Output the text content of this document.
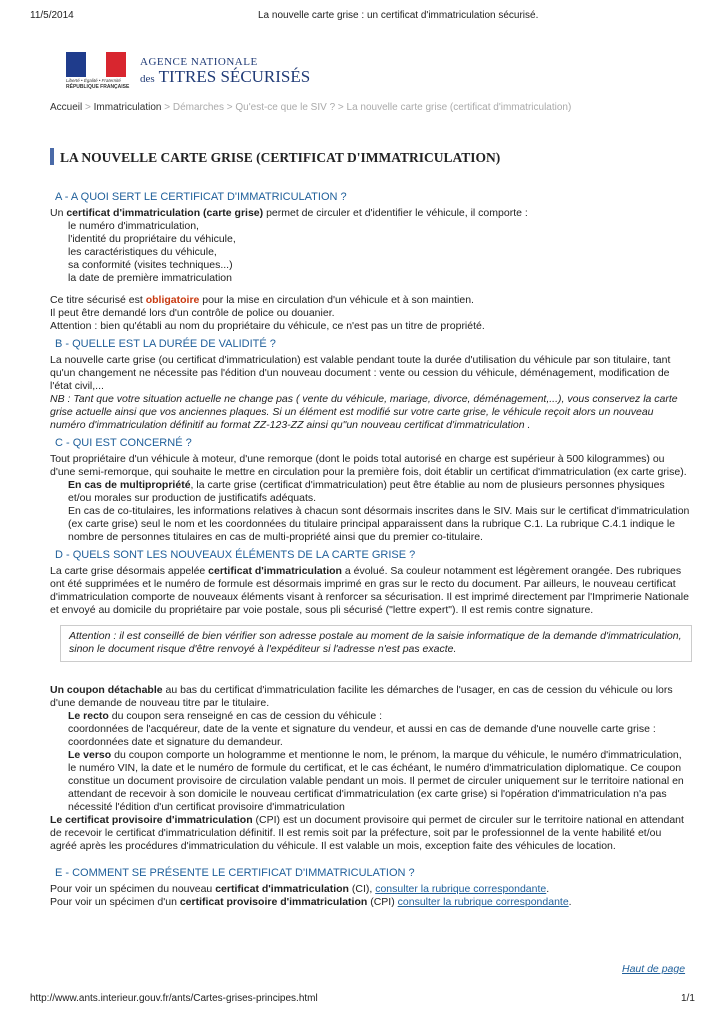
11/5/2014	La nouvelle carte grise : un certificat d'immatriculation sécurisé.
Liberté • Égalité • Fraternité
RÉPUBLIQUE FRANÇAISE
AGENCE NATIONALE
des TITRES SÉCURISÉS
Accueil > Immatriculation > Démarches > Qu'est-ce que le SIV ? > La nouvelle carte grise (certificat d'immatriculation)
LA NOUVELLE CARTE GRISE (CERTIFICAT D'IMMATRICULATION)
A - A QUOI SERT LE CERTIFICAT D'IMMATRICULATION ?

Un certificat d'immatriculation (carte grise) permet de circuler et d'identifier le véhicule, il comporte :

le numéro d'immatriculation,
l'identité du propriétaire du véhicule,
les caractéristiques du véhicule,
sa conformité (visites techniques...)
la date de première immatriculation

Ce titre sécurisé est obligatoire pour la mise en circulation d'un véhicule et à son maintien.

Il peut être demandé lors d'un contrôle de police ou douanier.

Attention : bien qu'établi au nom du propriétaire du véhicule, ce n'est pas un titre de propriété.

B - QUELLE EST LA DURÉE DE VALIDITÉ ?

La nouvelle carte grise (ou certificat d'immatriculation) est valable pendant toute la durée d'utilisation du véhicule par son titulaire, tant qu'un changement ne nécessite pas l'édition d'un nouveau document : vente ou cession du véhicule, déménagement, modification de l'état civil,...

NB : Tant que votre situation actuelle ne change pas ( vente du véhicule, mariage, divorce, déménagement,...), vous conservez la carte grise actuelle ainsi que vos anciennes plaques. Si un élément est modifié sur votre carte grise, le véhicule reçoit alors un nouveau numéro d'immatriculation définitif au format ZZ-123-ZZ ainsi qu"un nouveau certificat d'immatriculation .

C - QUI EST CONCERNÉ ?

Tout propriétaire d'un véhicule à moteur, d'une remorque (dont le poids total autorisé en charge est supérieur à 500 kilogrammes) ou d'une semi-remorque, qui souhaite le mettre en circulation pour la première fois, doit établir un certificat d'immatriculation (ex carte grise).

En cas de multipropriété, la carte grise (certificat d'immatriculation) peut être établie au nom de plusieurs personnes physiques et/ou morales sur production de justificatifs adéquats.

En cas de co-titulaires, les informations relatives à chacun sont désormais inscrites dans le SIV. Mais sur le certificat d'immatriculation (ex carte grise) seul le nom et les coordonnées du titulaire principal apparaissent dans la rubrique C.1. La rubrique C.4.1 indique le nombre de personnes titulaires en cas de multi-propriété ainsi que du premier co-titulaire.

D - QUELS SONT LES NOUVEAUX ÉLÉMENTS DE LA CARTE GRISE ?

La carte grise désormais appelée certificat d'immatriculation a évolué. Sa couleur notamment est légèrement orangée. Des rubriques ont été supprimées et le numéro de formule est désormais imprimé en gras sur le recto du document. Par ailleurs, le nouveau certificat d'immatriculation comporte de nouveaux éléments visant à renforcer sa sécurisation. Il est imprimé directement par l'Imprimerie Nationale et envoyé au domicile du propriétaire par voie postale, sous pli sécurisé ("lettre expert"). Il est remis contre signature.

Attention : il est conseillé de bien vérifier son adresse postale au moment de la saisie informatique de la demande d'immatriculation, sinon le document risque d'être renvoyé à l'expéditeur si l'adresse n'est pas exacte.

Un coupon détachable au bas du certificat d'immatriculation facilite les démarches de l'usager, en cas de cession du véhicule ou lors d'une demande de nouveau titre par le titulaire.

Le recto du coupon sera renseigné en cas de cession du véhicule :

coordonnées de l'acquéreur, date de la vente et signature du vendeur, et aussi en cas de demande d'une nouvelle carte grise : coordonnées date et signature du demandeur.

Le verso du coupon comporte un hologramme et mentionne le nom, le prénom, la marque du véhicule, le numéro d'immatriculation, le numéro VIN, la date et le numéro de formule du certificat, et le cas échéant, le numéro d'immatriculation diplomatique. Ce coupon constitue un document provisoire de circulation valable pendant un mois. Il permet de circuler uniquement sur le territoire national en attendant de recevoir à son domicile le nouveau certificat d'immatriculation (ex carte grise) si l'opération d'immatriculation n'a pas nécessité l'édition d'un certificat provisoire d'immatriculation

Le certificat provisoire d'immatriculation (CPI) est un document provisoire qui permet de circuler sur le territoire national en attendant de recevoir le certificat d'immatriculation définitif. Il est remis soit par la préfecture, soit par le professionnel de la vente habilité et/ou agréé après les procédures d'immatriculation du véhicule. Il est valable un mois, exception faite des véhicules de location.

E - COMMENT SE PRÉSENTE LE CERTIFICAT D'IMMATRICULATION ?

Pour voir un spécimen du nouveau certificat d'immatriculation (CI), consulter la rubrique correspondante.

Pour voir un spécimen d'un certificat provisoire d'immatriculation (CPI) consulter la rubrique correspondante.

Haut de page
http://www.ants.interieur.gouv.fr/ants/Cartes-grises-principes.html	1/1
